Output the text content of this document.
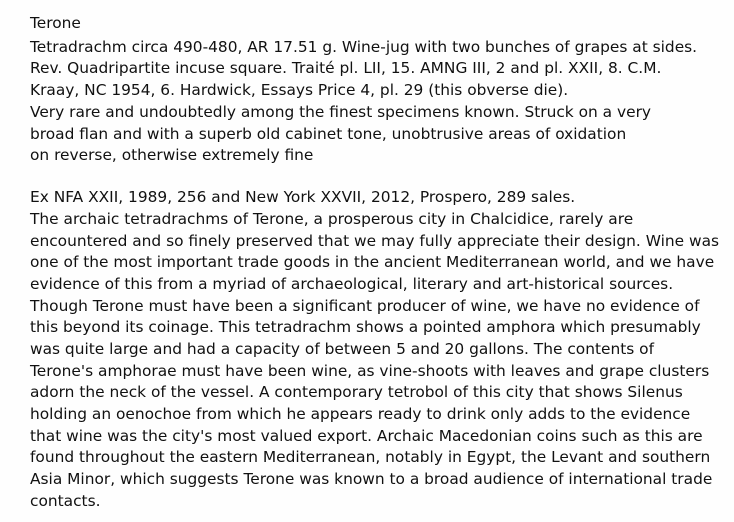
Terone
Tetradrachm circa 490-480, AR 17.51 g. Wine-jug with two bunches of grapes at sides.
Rev. Quadripartite incuse square. Traité pl. LII, 15. AMNG III, 2 and pl. XXII, 8. C.M.
Kraay, NC 1954, 6. Hardwick, Essays Price 4, pl. 29 (this obverse die).
Very rare and undoubtedly among the finest specimens known. Struck on a very
broad flan and with a superb old cabinet tone, unobtrusive areas of oxidation
on reverse, otherwise extremely fine
Ex NFA XXII, 1989, 256 and New York XXVII, 2012, Prospero, 289 sales.
The archaic tetradrachms of Terone, a prosperous city in Chalcidice, rarely are
encountered and so finely preserved that we may fully appreciate their design. Wine was
one of the most important trade goods in the ancient Mediterranean world, and we have
evidence of this from a myriad of archaeological, literary and art-historical sources.
Though Terone must have been a significant producer of wine, we have no evidence of
this beyond its coinage. This tetradrachm shows a pointed amphora which presumably
was quite large and had a capacity of between 5 and 20 gallons. The contents of
Terone's amphorae must have been wine, as vine-shoots with leaves and grape clusters
adorn the neck of the vessel. A contemporary tetrobol of this city that shows Silenus
holding an oenochoe from which he appears ready to drink only adds to the evidence
that wine was the city's most valued export. Archaic Macedonian coins such as this are
found throughout the eastern Mediterranean, notably in Egypt, the Levant and southern
Asia Minor, which suggests Terone was known to a broad audience of international trade
contacts.
